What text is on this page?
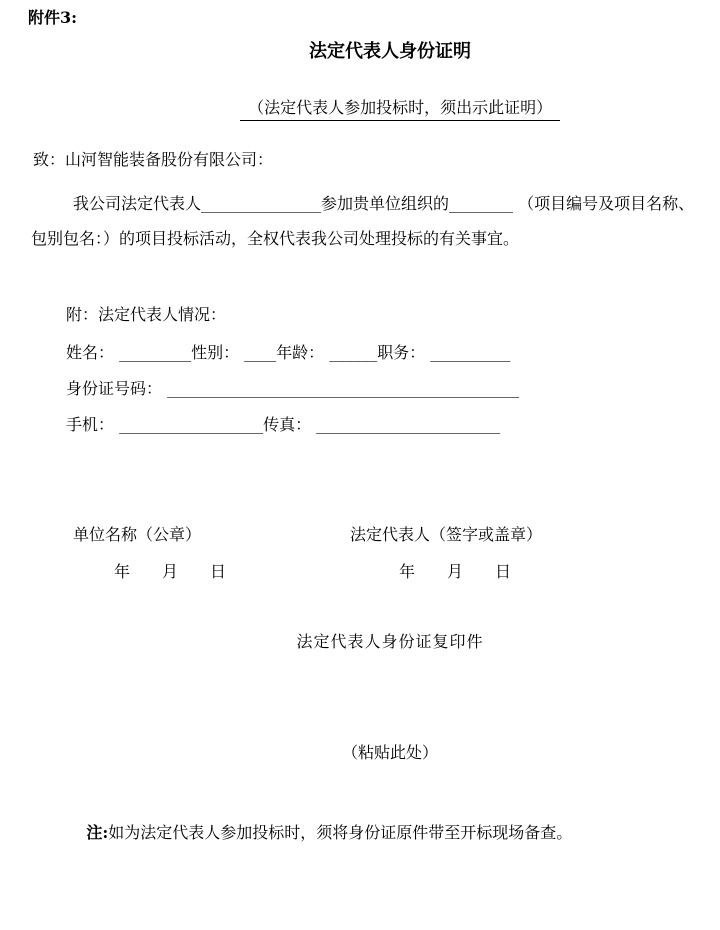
附件3:
法定代表人身份证明

（法定代表人参加投标时，须出示此证明）

致：山河智能装备股份有限公司：
我公司法定代表人_______________参加贵单位组织的________ （项目编号及项目名称、
包别包名：）的项目投标活动，全权代表我公司处理投标的有关事宜。
附：法定代表人情况：
姓名： _________性别： ____年龄： ______职务： __________
身份证号码： ____________________________________________
手机： __________________传真： _______________________
单位名称（公章）	法定代表人（签字或盖章）
年　　月　　日	年　　月　　日
法定代表人身份证复印件
（粘贴此处）

注:如为法定代表人参加投标时，须将身份证原件带至开标现场备查。
